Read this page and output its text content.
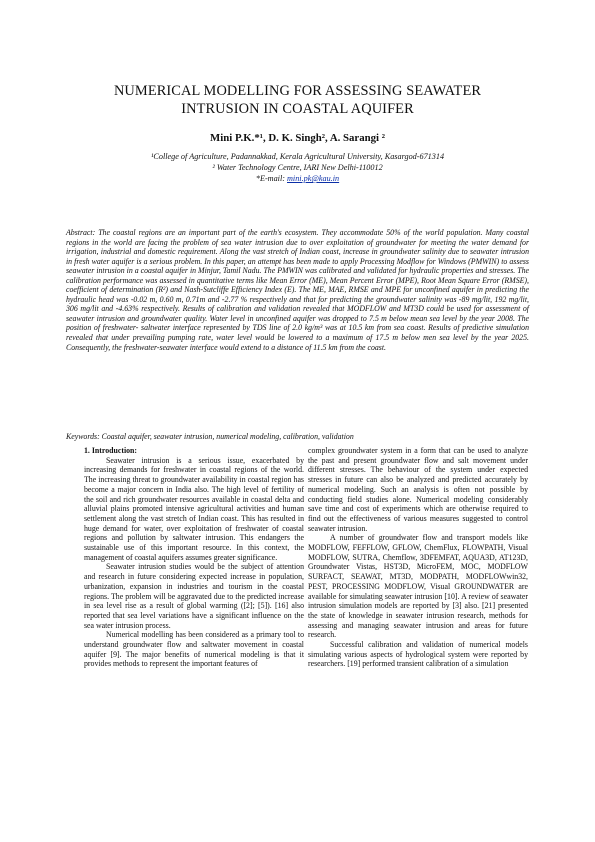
NUMERICAL MODELLING FOR ASSESSING SEAWATER
INTRUSION IN COASTAL AQUIFER
Mini P.K.*¹, D. K. Singh², A. Sarangi ²
¹College of Agriculture, Padannakkad, Kerala Agricultural University, Kasargod-671314
² Water Technology Centre, IARI New Delhi-110012
*E-mail: mini.pk@kau.in
Abstract: The coastal regions are an important part of the earth's ecosystem. They accommodate 50% of the world population. Many coastal regions in the world are facing the problem of sea water intrusion due to over exploitation of groundwater for meeting the water demand for irrigation, industrial and domestic requirement. Along the vast stretch of Indian coast, increase in groundwater salinity due to seawater intrusion in fresh water aquifer is a serious problem. In this paper, an attempt has been made to apply Processing Modflow for Windows (PMWIN) to assess seawater intrusion in a coastal aquifer in Minjur, Tamil Nadu. The PMWIN was calibrated and validated for hydraulic properties and stresses. The calibration performance was assessed in quantitative terms like Mean Error (ME), Mean Percent Error (MPE), Root Mean Square Error (RMSE), coefficient of determination (R²) and Nash-Sutcliffe Efficiency Index (E). The ME, MAE, RMSE and MPE for unconfined aquifer in predicting the hydraulic head was -0.02 m, 0.60 m, 0.71m and -2.77 % respectively and that for predicting the groundwater salinity was -89 mg/lit, 192 mg/lit, 306 mg/lit and -4.63% respectively. Results of calibration and validation revealed that MODFLOW and MT3D could be used for assessment of seawater intrusion and groundwater quality. Water level in unconfined aquifer was dropped to 7.5 m below mean sea level by the year 2008. The position of freshwater- saltwater interface represented by TDS line of 2.0 kg/m³ was at 10.5 km from sea coast. Results of predictive simulation revealed that under prevailing pumping rate, water level would be lowered to a maximum of 17.5 m below men sea level by the year 2025. Consequently, the freshwater-seawater interface would extend to a distance of 11.5 km from the coast.
Keywords: Coastal aquifer, seawater intrusion, numerical modeling, calibration, validation

1. Introduction:

Seawater intrusion is a serious issue, exacerbated by increasing demands for freshwater in coastal regions of the world. The increasing threat to groundwater availability in coastal region has become a major concern in India also. The high level of fertility of the soil and rich groundwater resources available in coastal delta and alluvial plains promoted intensive agricultural activities and human settlement along the vast stretch of Indian coast. This has resulted in huge demand for water, over exploitation of freshwater of coastal regions and pollution by saltwater intrusion. This endangers the sustainable use of this important resource. In this context, the management of coastal aquifers assumes greater significance.

Seawater intrusion studies would be the subject of attention and research in future considering expected increase in population, urbanization, expansion in industries and tourism in the coastal regions. The problem will be aggravated due to the predicted increase in sea level rise as a result of global warming ([2]; [5]). [16] also reported that sea level variations have a significant influence on the sea water intrusion process.

Numerical modelling has been considered as a primary tool to understand groundwater flow and saltwater movement in coastal aquifer [9]. The major benefits of numerical modeling is that it provides methods to represent the important features of

complex groundwater system in a form that can be used to analyze the past and present groundwater flow and salt movement under different stresses. The behaviour of the system under expected stresses in future can also be analyzed and predicted accurately by numerical modeling. Such an analysis is often not possible by conducting field studies alone. Numerical modeling considerably save time and cost of experiments which are otherwise required to find out the effectiveness of various measures suggested to control seawater intrusion.

A number of groundwater flow and transport models like MODFLOW, FEFFLOW, GFLOW, ChemFlux, FLOWPATH, Visual MODFLOW, SUTRA, Chemflow, 3DFEMFAT, AQUA3D, AT123D, Groundwater Vistas, HST3D, MicroFEM, MOC, MODFLOW SURFACT, SEAWAT, MT3D, MODPATH, MODFLOWwin32, PEST, PROCESSING MODFLOW, Visual GROUNDWATER are available for simulating seawater intrusion [10]. A review of seawater intrusion simulation models are reported by [3] also. [21] presented the state of knowledge in seawater intrusion research, methods for assessing and managing seawater intrusion and areas for future research.

Successful calibration and validation of numerical models simulating various aspects of hydrological system were reported by researchers. [19] performed transient calibration of a simulation
